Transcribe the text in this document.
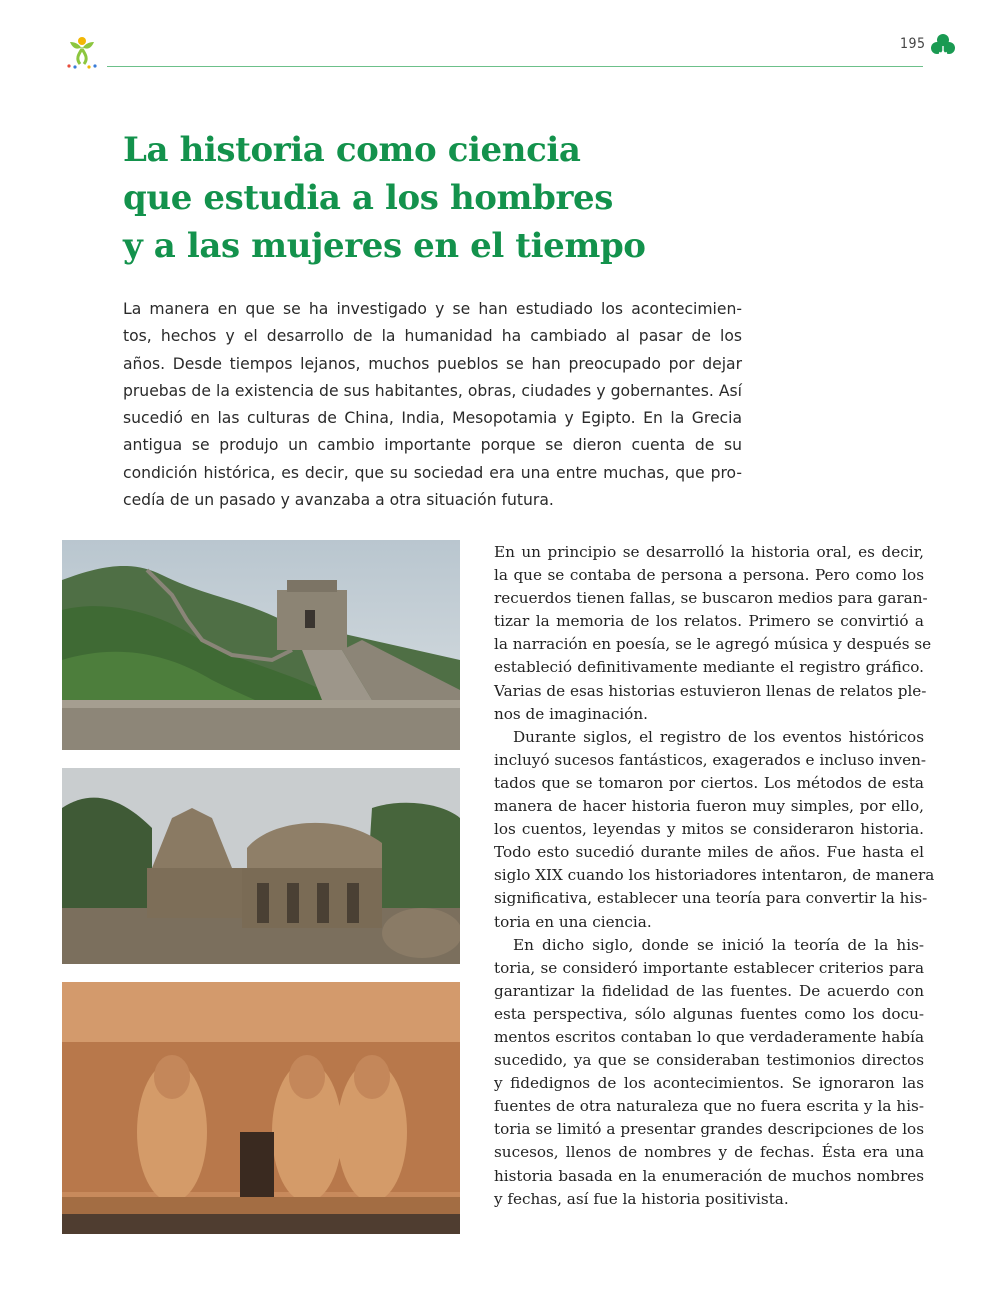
195
La historia como ciencia
que estudia a los hombres
y a las mujeres en el tiempo

La manera en que se ha investigado y se han estudiado los acontecimien-
tos, hechos y el desarrollo de la humanidad ha cambiado al pasar de los
años. Desde tiempos lejanos, muchos pueblos se han preocupado por dejar
pruebas de la existencia de sus habitantes, obras, ciudades y gobernantes. Así
sucedió en las culturas de China, India, Mesopotamia y Egipto. En la Grecia
antigua se produjo un cambio importante porque se dieron cuenta de su
condición histórica, es decir, que su sociedad era una entre muchas, que pro-
cedía de un pasado y avanzaba a otra situación futura.

En un principio se desarrolló la historia oral, es decir,
la que se contaba de persona a persona. Pero como los
recuerdos tienen fallas, se buscaron medios para garan-
tizar la memoria de los relatos. Primero se convirtió a
la narración en poesía, se le agregó música y después se
estableció definitivamente mediante el registro gráfico.
Varias de esas historias estuvieron llenas de relatos ple-
nos de imaginación.
Durante siglos, el registro de los eventos históricos
incluyó sucesos fantásticos, exagerados e incluso inven-
tados que se tomaron por ciertos. Los métodos de esta
manera de hacer historia fueron muy simples, por ello,
los cuentos, leyendas y mitos se consideraron historia.
Todo esto sucedió durante miles de años. Fue hasta el
siglo XIX cuando los historiadores intentaron, de manera
significativa, establecer una teoría para convertir la his-
toria en una ciencia.
En dicho siglo, donde se inició la teoría de la his-
toria, se consideró importante establecer criterios para
garantizar la fidelidad de las fuentes. De acuerdo con
esta perspectiva, sólo algunas fuentes como los docu-
mentos escritos contaban lo que verdaderamente había
sucedido, ya que se consideraban testimonios directos
y fidedignos de los acontecimientos. Se ignoraron las
fuentes de otra naturaleza que no fuera escrita y la his-
toria se limitó a presentar grandes descripciones de los
sucesos, llenos de nombres y de fechas. Ésta era una
historia basada en la enumeración de muchos nombres
y fechas, así fue la historia positivista.
